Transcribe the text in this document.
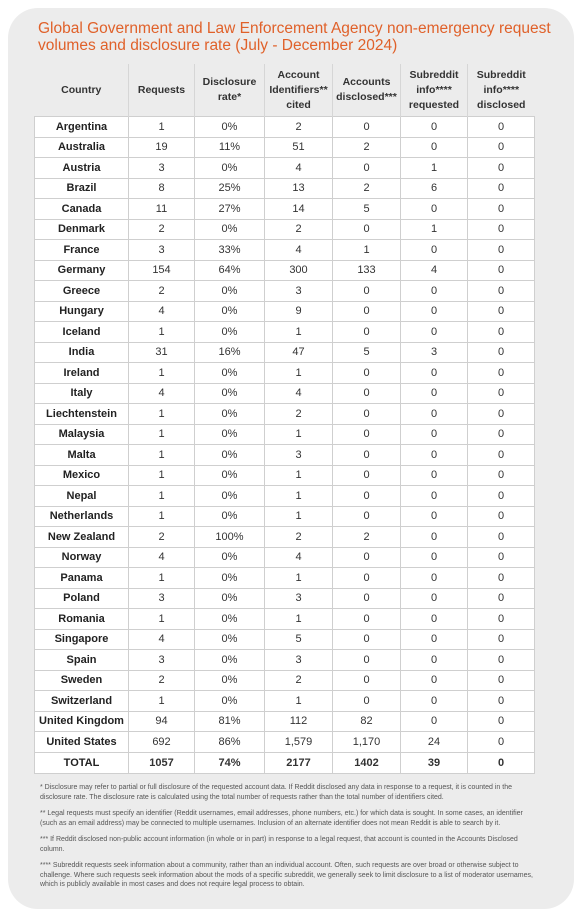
Global Government and Law Enforcement Agency non-emergency request volumes and disclosure rate (July - December 2024)
Country	Requests	Disclosure rate*	Account Identifiers** cited	Accounts disclosed***	Subreddit info**** requested	Subreddit info**** disclosed
Argentina	1	0%	2	0	0	0
Australia	19	11%	51	2	0	0
Austria	3	0%	4	0	1	0
Brazil	8	25%	13	2	6	0
Canada	11	27%	14	5	0	0
Denmark	2	0%	2	0	1	0
France	3	33%	4	1	0	0
Germany	154	64%	300	133	4	0
Greece	2	0%	3	0	0	0
Hungary	4	0%	9	0	0	0
Iceland	1	0%	1	0	0	0
India	31	16%	47	5	3	0
Ireland	1	0%	1	0	0	0
Italy	4	0%	4	0	0	0
Liechtenstein	1	0%	2	0	0	0
Malaysia	1	0%	1	0	0	0
Malta	1	0%	3	0	0	0
Mexico	1	0%	1	0	0	0
Nepal	1	0%	1	0	0	0
Netherlands	1	0%	1	0	0	0
New Zealand	2	100%	2	2	0	0
Norway	4	0%	4	0	0	0
Panama	1	0%	1	0	0	0
Poland	3	0%	3	0	0	0
Romania	1	0%	1	0	0	0
Singapore	4	0%	5	0	0	0
Spain	3	0%	3	0	0	0
Sweden	2	0%	2	0	0	0
Switzerland	1	0%	1	0	0	0
United Kingdom	94	81%	112	82	0	0
United States	692	86%	1,579	1,170	24	0
TOTAL	1057	74%	2177	1402	39	0

* Disclosure may refer to partial or full disclosure of the requested account data. If Reddit disclosed any data in response to a request, it is counted in the disclosure rate. The disclosure rate is calculated using the total number of requests rather than the total number of identifiers cited.

** Legal requests must specify an identifier (Reddit usernames, email addresses, phone numbers, etc.) for which data is sought. In some cases, an identifier (such as an email address) may be connected to multiple usernames. Inclusion of an alternate identifier does not mean Reddit is able to search by it.

*** If Reddit disclosed non-public account information (in whole or in part) in response to a legal request, that account is counted in the Accounts Disclosed column.

**** Subreddit requests seek information about a community, rather than an individual account. Often, such requests are over broad or otherwise subject to challenge. Where such requests seek information about the mods of a specific subreddit, we generally seek to limit disclosure to a list of moderator usernames, which is publicly available in most cases and does not require legal process to obtain.
